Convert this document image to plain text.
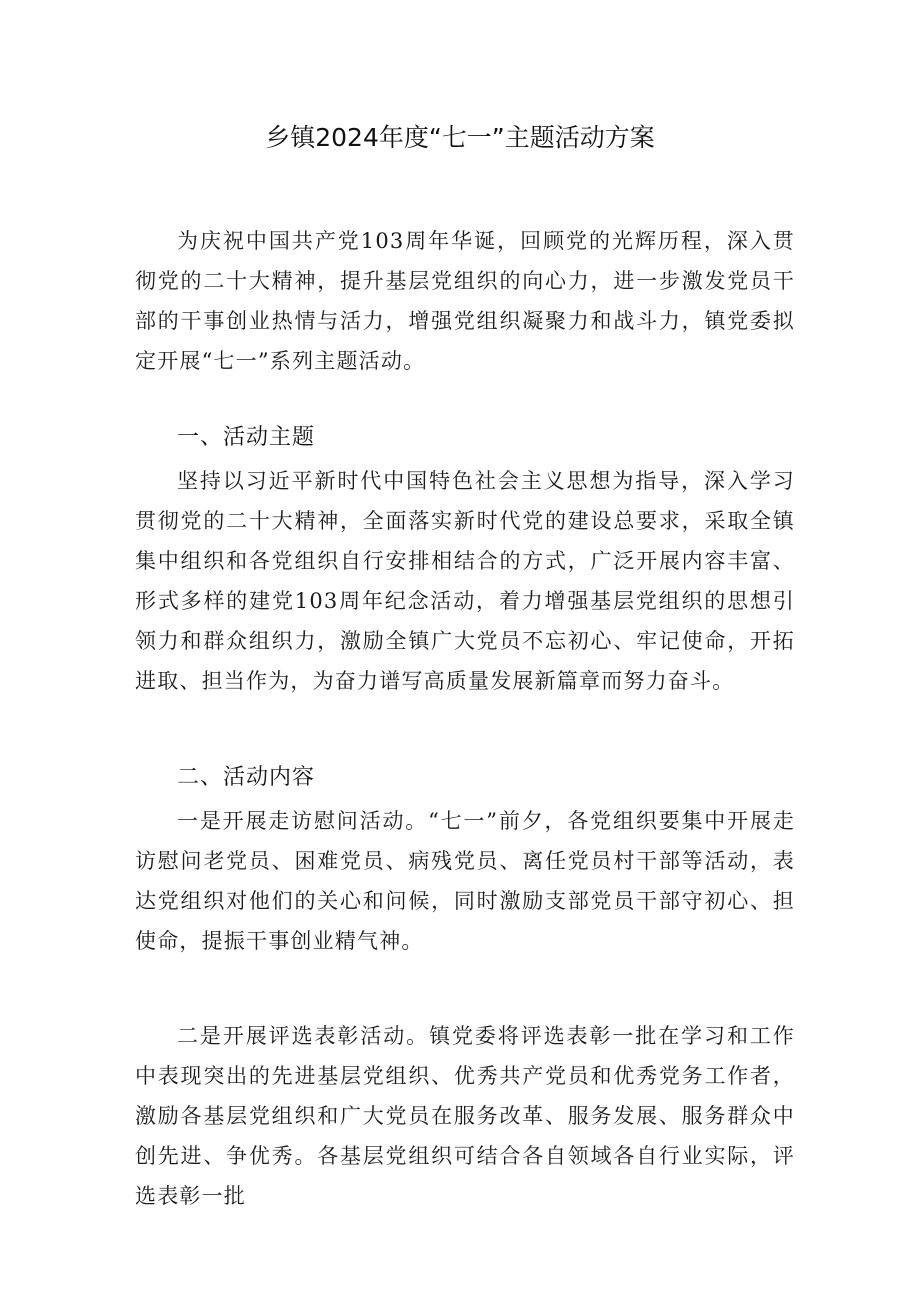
乡镇2024年度“七一”主题活动方案

为庆祝中国共产党103周年华诞，回顾党的光辉历程，深入贯彻党的二十大精神，提升基层党组织的向心力，进一步激发党员干部的干事创业热情与活力，增强党组织凝聚力和战斗力，镇党委拟定开展“七一”系列主题活动。

一、活动主题

坚持以习近平新时代中国特色社会主义思想为指导，深入学习贯彻党的二十大精神，全面落实新时代党的建设总要求，采取全镇集中组织和各党组织自行安排相结合的方式，广泛开展内容丰富、形式多样的建党103周年纪念活动，着力增强基层党组织的思想引领力和群众组织力，激励全镇广大党员不忘初心、牢记使命，开拓进取、担当作为，为奋力谱写高质量发展新篇章而努力奋斗。

二、活动内容

一是开展走访慰问活动。“七一”前夕，各党组织要集中开展走访慰问老党员、困难党员、病残党员、离任党员村干部等活动，表达党组织对他们的关心和问候，同时激励支部党员干部守初心、担使命，提振干事创业精气神。

二是开展评选表彰活动。镇党委将评选表彰一批在学习和工作中表现突出的先进基层党组织、优秀共产党员和优秀党务工作者，激励各基层党组织和广大党员在服务改革、服务发展、服务群众中创先进、争优秀。各基层党组织可结合各自领域各自行业实际，评选表彰一批
